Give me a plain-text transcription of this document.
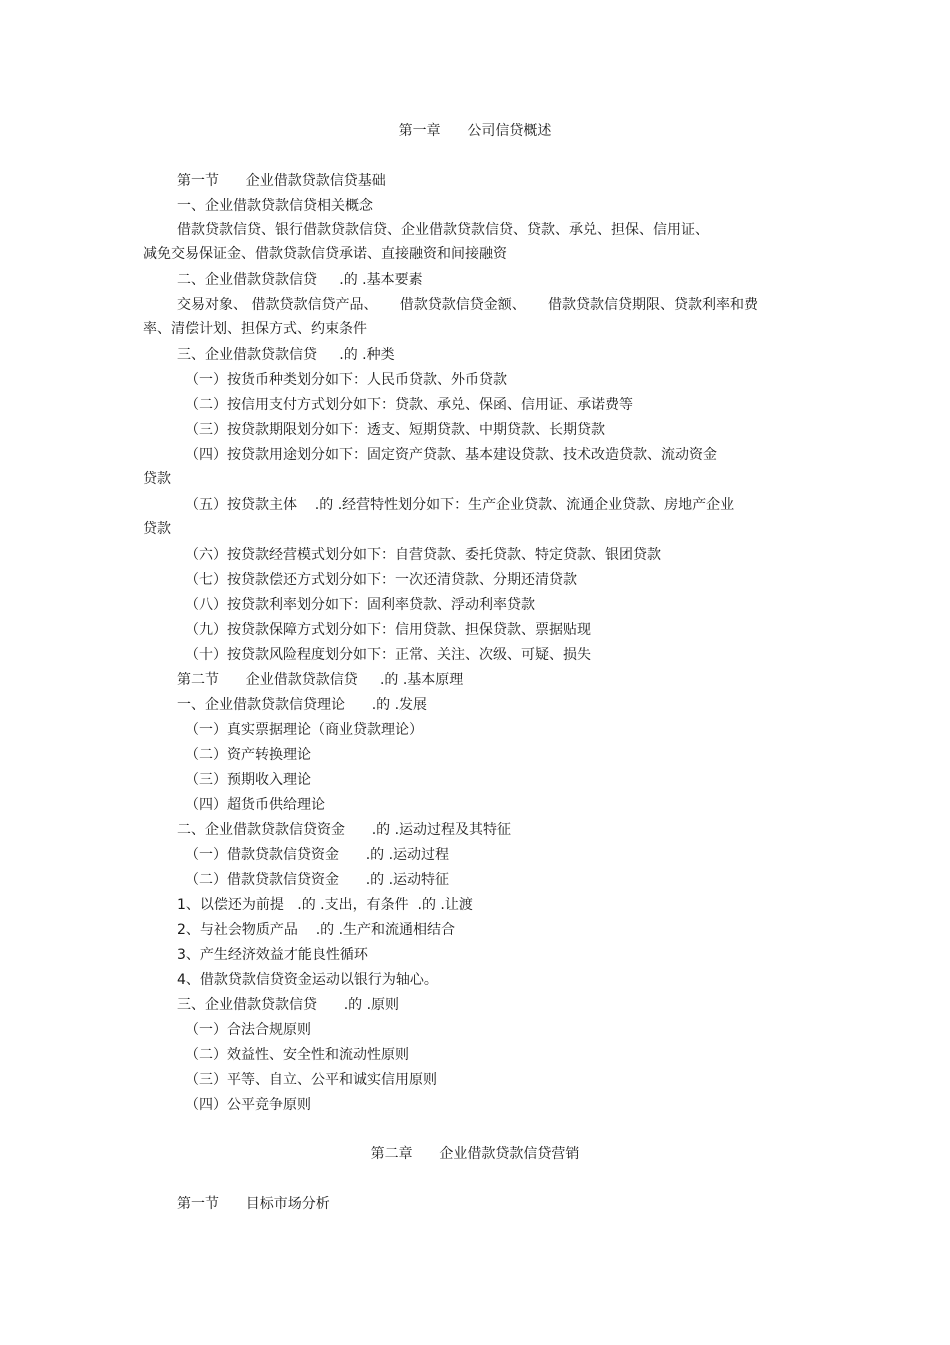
第一章      公司信贷概述

第一节      企业借款贷款信贷基础

一、企业借款贷款信贷相关概念

借款贷款信贷、银行借款贷款信贷、企业借款贷款信贷、贷款、承兑、担保、信用证、

减免交易保证金、借款贷款信贷承诺、直接融资和间接融资

二、企业借款贷款信贷     .的 .基本要素

交易对象、 借款贷款信贷产品、     借款贷款信贷金额、     借款贷款信贷期限、贷款利率和费

率、清偿计划、担保方式、约束条件

三、企业借款贷款信贷     .的 .种类

（一）按货币种类划分如下：人民币贷款、外币贷款

（二）按信用支付方式划分如下：贷款、承兑、保函、信用证、承诺费等

（三）按贷款期限划分如下：透支、短期贷款、中期贷款、长期贷款

（四）按贷款用途划分如下：固定资产贷款、基本建设贷款、技术改造贷款、流动资金

贷款

（五）按贷款主体    .的 .经营特性划分如下：生产企业贷款、流通企业贷款、房地产企业

贷款

（六）按贷款经营模式划分如下：自营贷款、委托贷款、特定贷款、银团贷款

（七）按贷款偿还方式划分如下：一次还清贷款、分期还清贷款

（八）按贷款利率划分如下：固利率贷款、浮动利率贷款

（九）按贷款保障方式划分如下：信用贷款、担保贷款、票据贴现

（十）按贷款风险程度划分如下：正常、关注、次级、可疑、损失

第二节      企业借款贷款信贷     .的 .基本原理

一、企业借款贷款信贷理论      .的 .发展

（一）真实票据理论（商业贷款理论）

（二）资产转换理论

（三）预期收入理论

（四）超货币供给理论

二、企业借款贷款信贷资金      .的 .运动过程及其特征

（一）借款贷款信贷资金      .的 .运动过程

（二）借款贷款信贷资金      .的 .运动特征

1、以偿还为前提   .的 .支出，有条件  .的 .让渡

2、与社会物质产品    .的 .生产和流通相结合

3、产生经济效益才能良性循环

4、借款贷款信贷资金运动以银行为轴心。

三、企业借款贷款信贷      .的 .原则

（一）合法合规原则

（二）效益性、安全性和流动性原则

（三）平等、自立、公平和诚实信用原则

（四）公平竞争原则

第二章      企业借款贷款信贷营销

第一节      目标市场分析
